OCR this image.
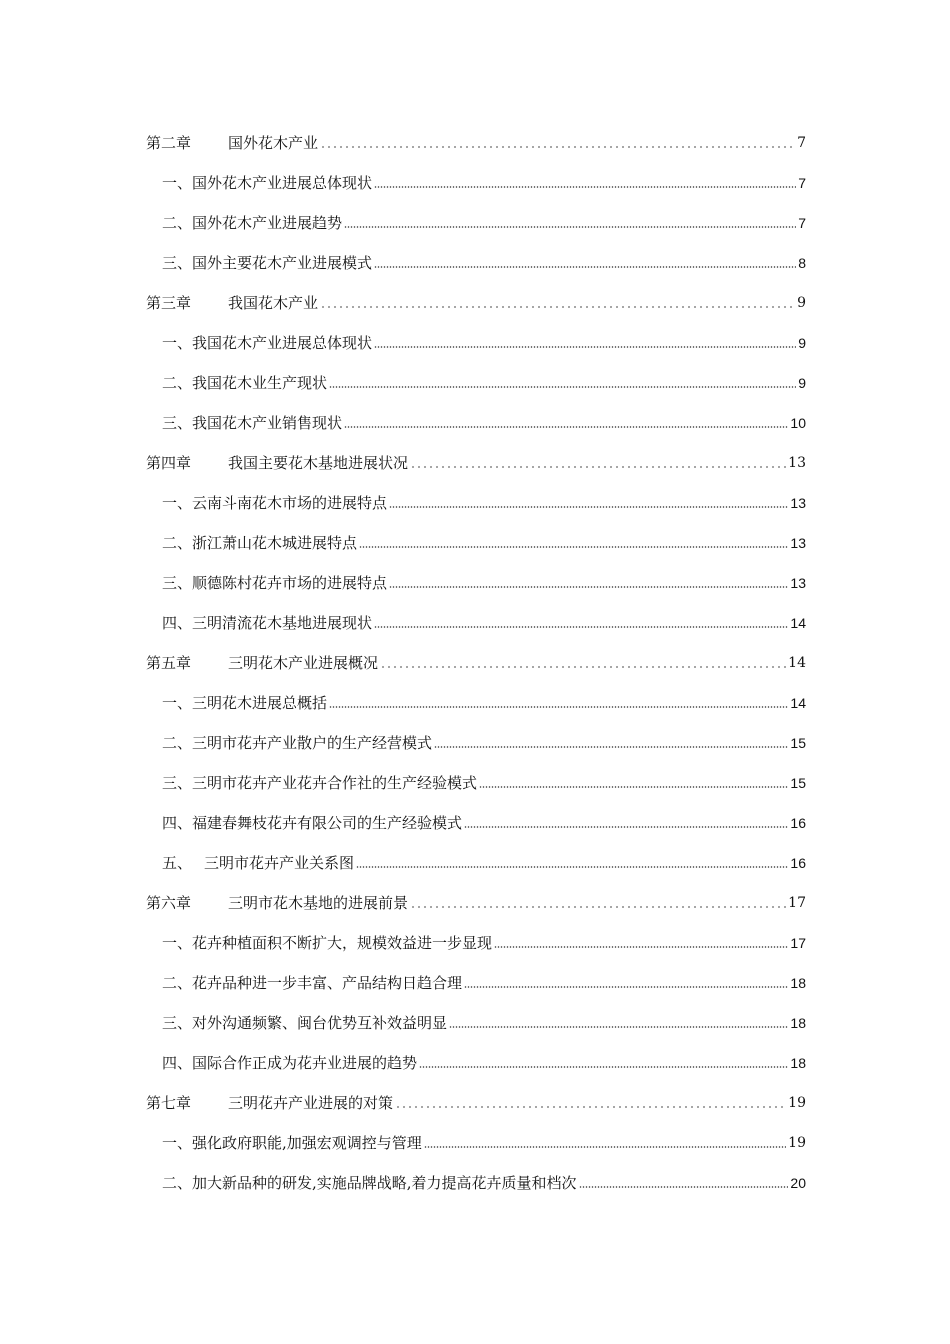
第二章	国外花木产业	7
一、 国外花木产业进展总体现状	7
二、 国外花木产业进展趋势	7
三、 国外主要花木产业进展模式	8
第三章	我国花木产业	9
一、 我国花木产业进展总体现状	9
二、 我国花木业生产现状	9
三、 我国花木产业销售现状	10
第四章	我国主要花木基地进展状况	13
一、 云南斗南花木市场的进展特点	13
二、 浙江萧山花木城进展特点	13
三、 顺德陈村花卉市场的进展特点	13
四、 三明清流花木基地进展现状	14
第五章	三明花木产业进展概况	14
一、 三明花木进展总概括	14
二、 三明市花卉产业散户的生产经营模式	15
三、 三明市花卉产业花卉合作社的生产经验模式	15
四、 福建春舞枝花卉有限公司的生产经验模式	16
五、 三明市花卉产业关系图	16
第六章	三明市花木基地的进展前景	17
一、 花卉种植面积不断扩大，规模效益进一步显现	17
二、 花卉品种进一步丰富、产品结构日趋合理	18
三、 对外沟通频繁、闽台优势互补效益明显	18
四、 国际合作正成为花卉业进展的趋势	18
第七章	三明花卉产业进展的对策	19
一、 强化政府职能,加强宏观调控与管理	19
二、 加大新品种的研发,实施品牌战略,着力提高花卉质量和档次	20
